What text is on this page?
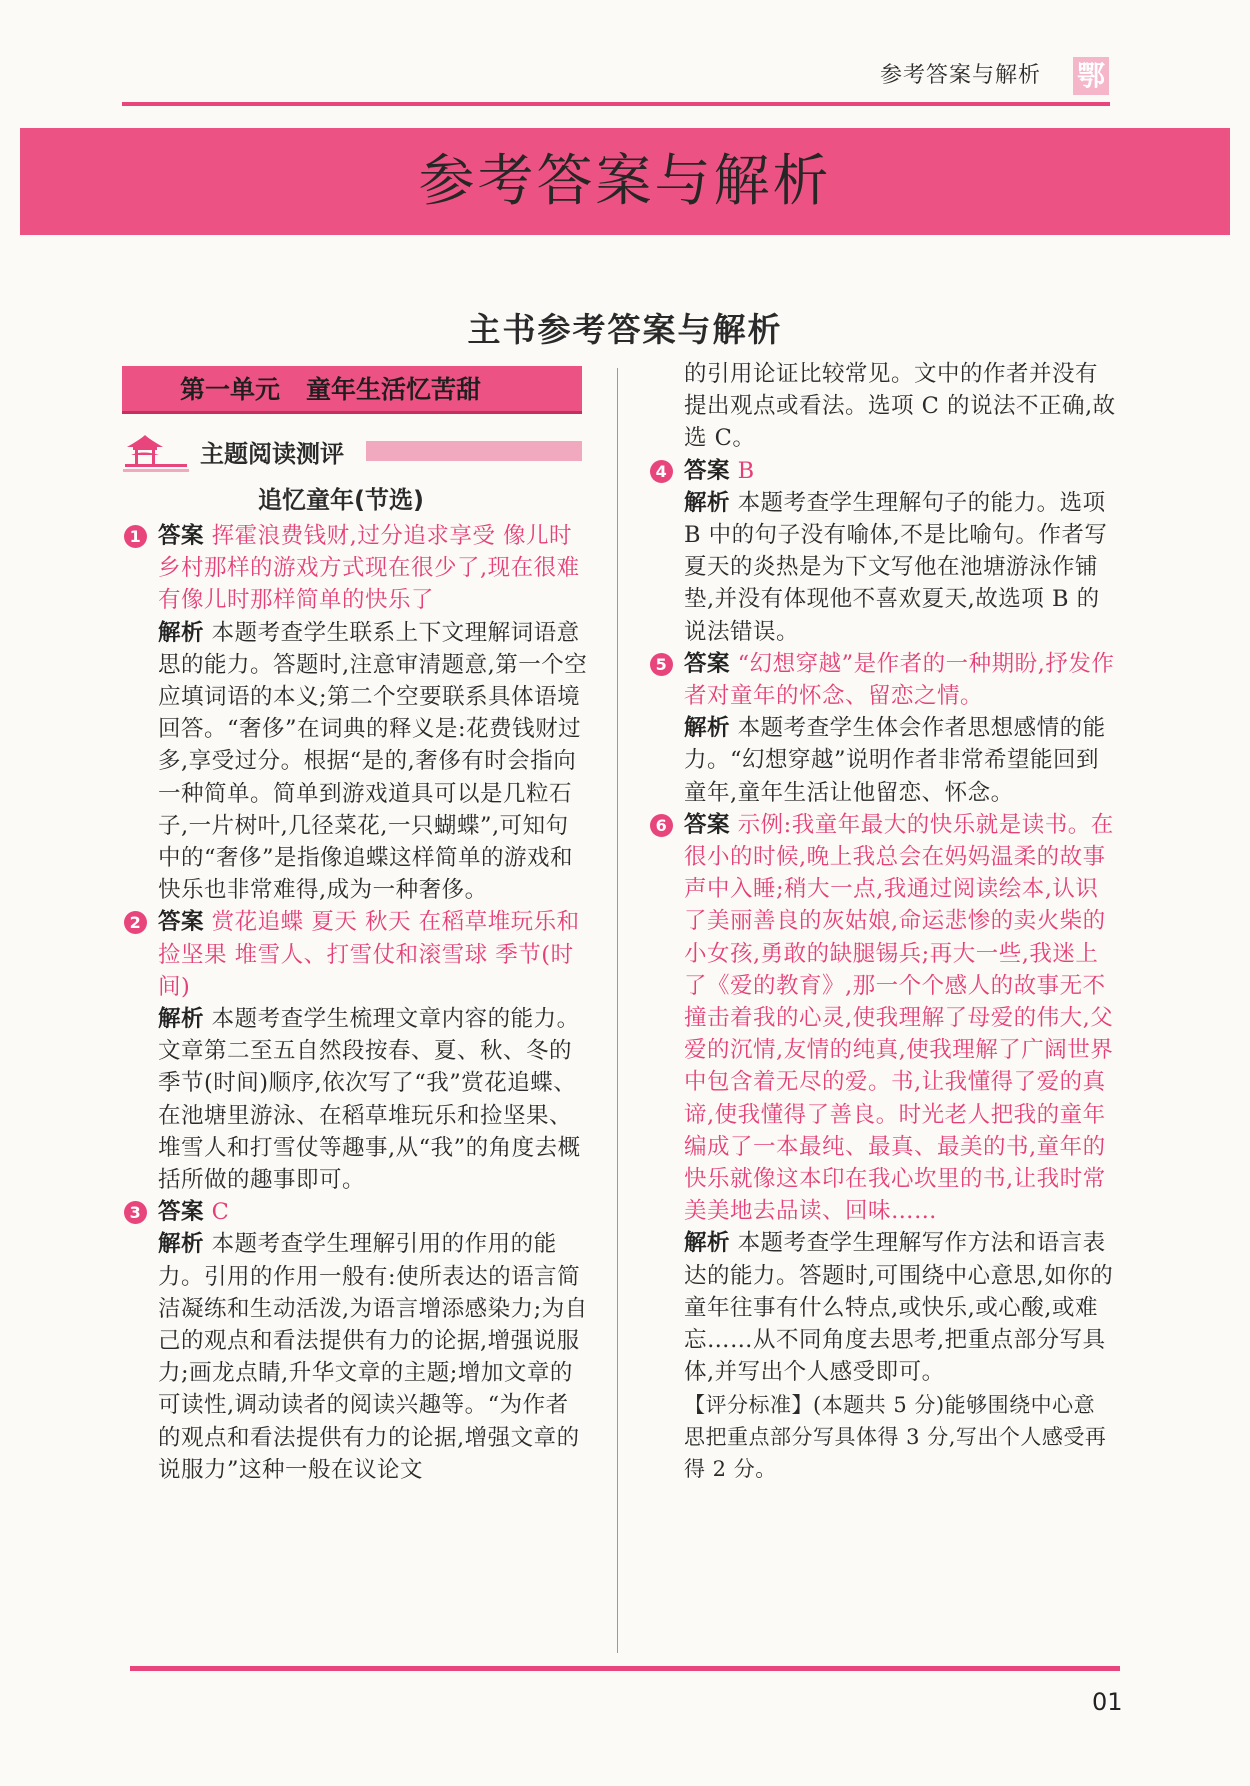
参考答案与解析 鄂
参考答案与解析
主书参考答案与解析
第一单元 童年生活忆苦甜
主题阅读测评
追忆童年(节选)
1 答案 挥霍浪费钱财,过分追求享受 像儿时乡村那样的游戏方式现在很少了,现在很难有像儿时那样简单的快乐了

解析 本题考查学生联系上下文理解词语意思的能力。答题时,注意审清题意,第一个空应填词语的本义;第二个空要联系具体语境回答。“奢侈”在词典的释义是:花费钱财过多,享受过分。根据“是的,奢侈有时会指向一种简单。简单到游戏道具可以是几粒石子,一片树叶,几径菜花,一只蝴蝶”,可知句中的“奢侈”是指像追蝶这样简单的游戏和快乐也非常难得,成为一种奢侈。

2 答案 赏花追蝶 夏天 秋天 在稻草堆玩乐和捡坚果 堆雪人、打雪仗和滚雪球 季节(时间)

解析 本题考查学生梳理文章内容的能力。文章第二至五自然段按春、夏、秋、冬的季节(时间)顺序,依次写了“我”赏花追蝶、在池塘里游泳、在稻草堆玩乐和捡坚果、堆雪人和打雪仗等趣事,从“我”的角度去概括所做的趣事即可。

3 答案 C

解析 本题考查学生理解引用的作用的能力。引用的作用一般有:使所表达的语言简洁凝练和生动活泼,为语言增添感染力;为自己的观点和看法提供有力的论据,增强说服力;画龙点睛,升华文章的主题;增加文章的可读性,调动读者的阅读兴趣等。“为作者的观点和看法提供有力的论据,增强文章的说服力”这种一般在议论文

的引用论证比较常见。文中的作者并没有提出观点或看法。选项 C 的说法不正确,故选 C。

4 答案 B

解析 本题考查学生理解句子的能力。选项 B 中的句子没有喻体,不是比喻句。作者写夏天的炎热是为下文写他在池塘游泳作铺垫,并没有体现他不喜欢夏天,故选项 B 的说法错误。

5 答案 “幻想穿越”是作者的一种期盼,抒发作者对童年的怀念、留恋之情。

解析 本题考查学生体会作者思想感情的能力。“幻想穿越”说明作者非常希望能回到童年,童年生活让他留恋、怀念。

6 答案 示例:我童年最大的快乐就是读书。在很小的时候,晚上我总会在妈妈温柔的故事声中入睡;稍大一点,我通过阅读绘本,认识了美丽善良的灰姑娘,命运悲惨的卖火柴的小女孩,勇敢的缺腿锡兵;再大一些,我迷上了《爱的教育》,那一个个感人的故事无不撞击着我的心灵,使我理解了母爱的伟大,父爱的沉情,友情的纯真,使我理解了广阔世界中包含着无尽的爱。书,让我懂得了爱的真谛,使我懂得了善良。时光老人把我的童年编成了一本最纯、最真、最美的书,童年的快乐就像这本印在我心坎里的书,让我时常美美地去品读、回味……

解析 本题考查学生理解写作方法和语言表达的能力。答题时,可围绕中心意思,如你的童年往事有什么特点,或快乐,或心酸,或难忘……从不同角度去思考,把重点部分写具体,并写出个人感受即可。

【评分标准】(本题共 5 分)能够围绕中心意思把重点部分写具体得 3 分,写出个人感受再得 2 分。

01
